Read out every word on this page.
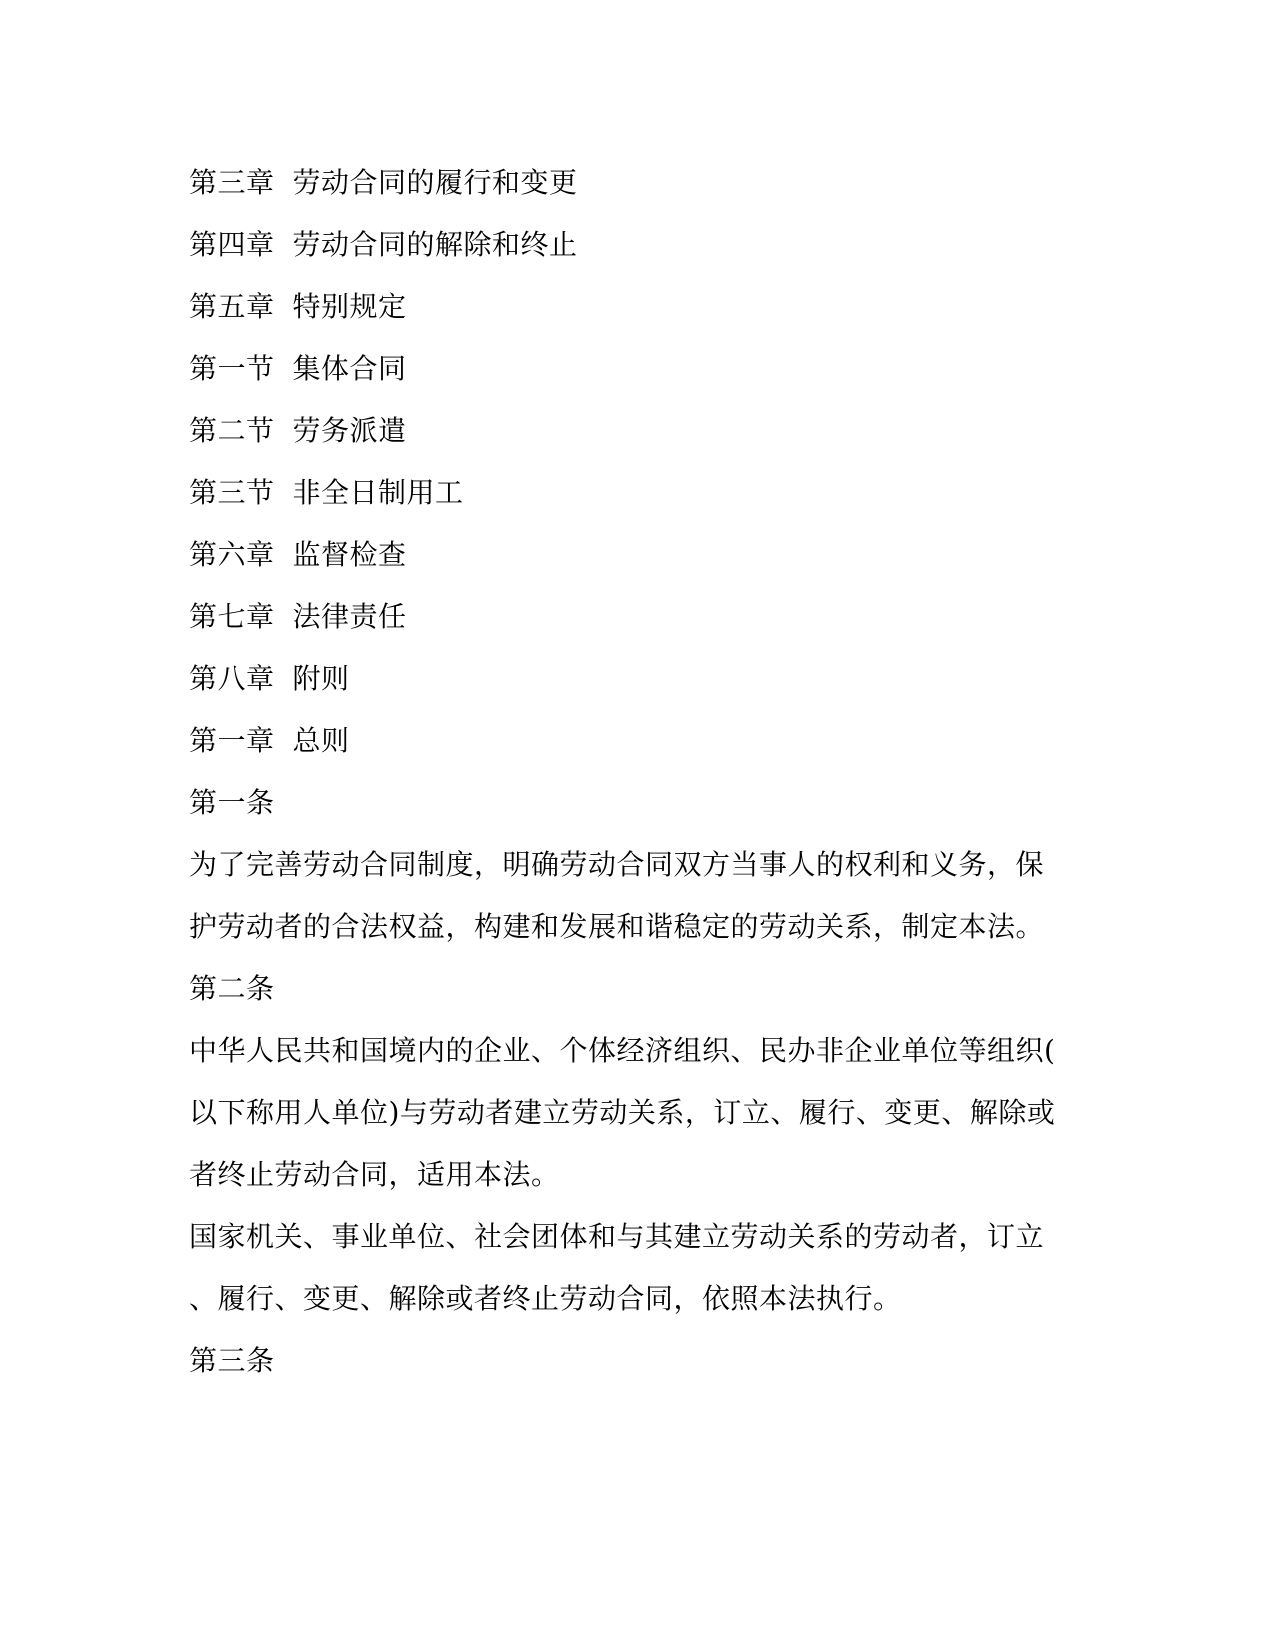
第三章 劳动合同的履行和变更
第四章 劳动合同的解除和终止
第五章 特别规定
第一节 集体合同
第二节 劳务派遣
第三节 非全日制用工
第六章 监督检查
第七章 法律责任
第八章 附则
第一章 总则
第一条
为了完善劳动合同制度，明确劳动合同双方当事人的权利和义务，保
护劳动者的合法权益，构建和发展和谐稳定的劳动关系，制定本法。
第二条
中华人民共和国境内的企业、个体经济组织、民办非企业单位等组织(
以下称用人单位)与劳动者建立劳动关系，订立、履行、变更、解除或
者终止劳动合同，适用本法。
国家机关、事业单位、社会团体和与其建立劳动关系的劳动者，订立
、履行、变更、解除或者终止劳动合同，依照本法执行。
第三条
